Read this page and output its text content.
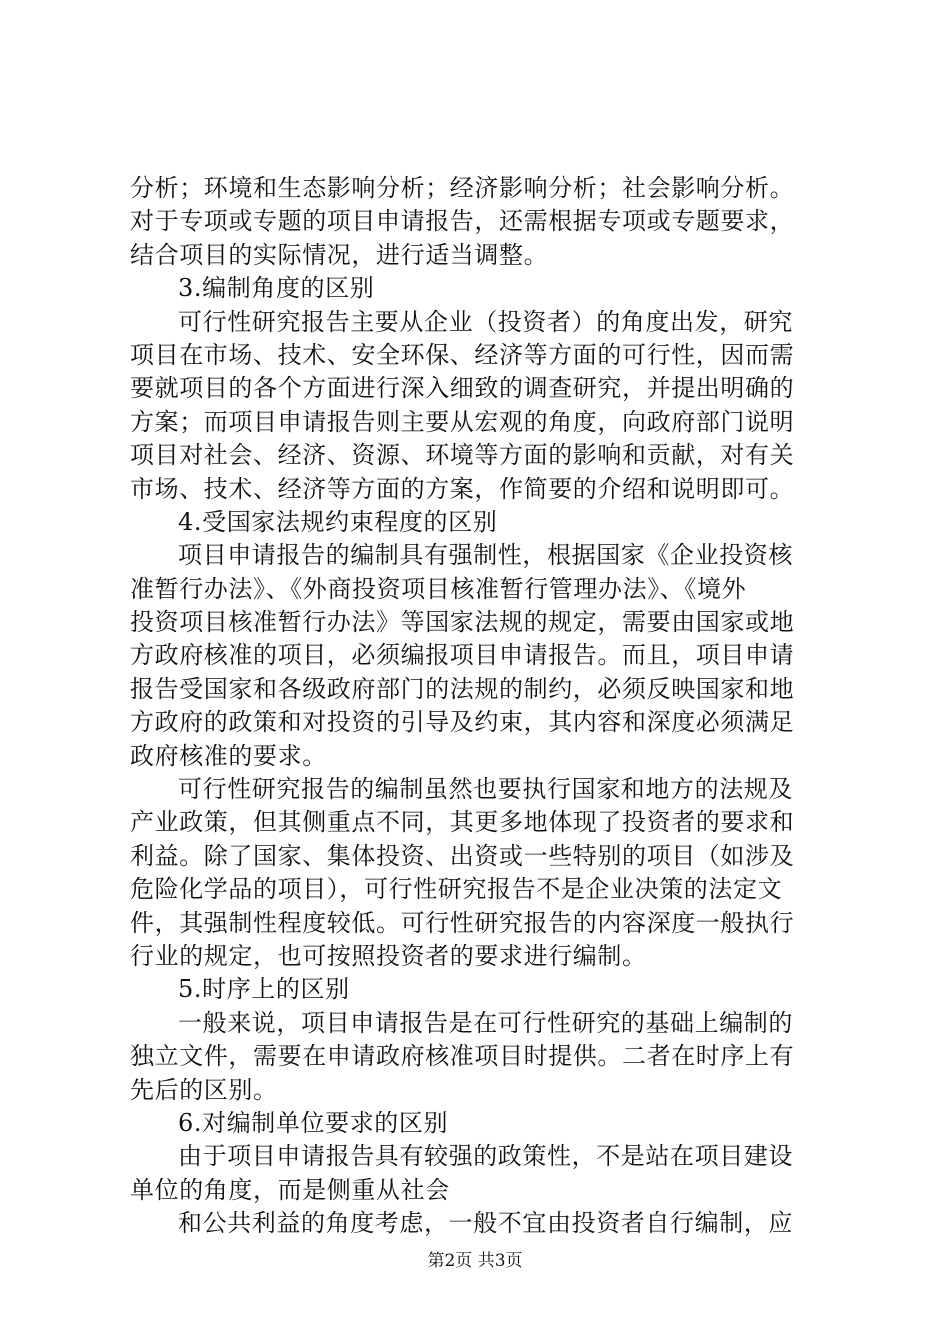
分析；环境和生态影响分析；经济影响分析；社会影响分析。
对于专项或专题的项目申请报告，还需根据专项或专题要求，
结合项目的实际情况，进行适当调整。
3.编制角度的区别
可行性研究报告主要从企业（投资者）的角度出发，研究
项目在市场、技术、安全环保、经济等方面的可行性，因而需
要就项目的各个方面进行深入细致的调查研究，并提出明确的
方案；而项目申请报告则主要从宏观的角度，向政府部门说明
项目对社会、经济、资源、环境等方面的影响和贡献，对有关
市场、技术、经济等方面的方案，作简要的介绍和说明即可。
4.受国家法规约束程度的区别
项目申请报告的编制具有强制性，根据国家《企业投资核
准暂行办法》、《外商投资项目核准暂行管理办法》、《境外
投资项目核准暂行办法》等国家法规的规定，需要由国家或地
方政府核准的项目，必须编报项目申请报告。而且，项目申请
报告受国家和各级政府部门的法规的制约，必须反映国家和地
方政府的政策和对投资的引导及约束，其内容和深度必须满足
政府核准的要求。
可行性研究报告的编制虽然也要执行国家和地方的法规及
产业政策，但其侧重点不同，其更多地体现了投资者的要求和
利益。除了国家、集体投资、出资或一些特别的项目（如涉及
危险化学品的项目），可行性研究报告不是企业决策的法定文
件，其强制性程度较低。可行性研究报告的内容深度一般执行
行业的规定，也可按照投资者的要求进行编制。
5.时序上的区别
一般来说，项目申请报告是在可行性研究的基础上编制的
独立文件，需要在申请政府核准项目时提供。二者在时序上有
先后的区别。
6.对编制单位要求的区别
由于项目申请报告具有较强的政策性，不是站在项目建设
单位的角度，而是侧重从社会
和公共利益的角度考虑，一般不宜由投资者自行编制，应
第2页 共3页
